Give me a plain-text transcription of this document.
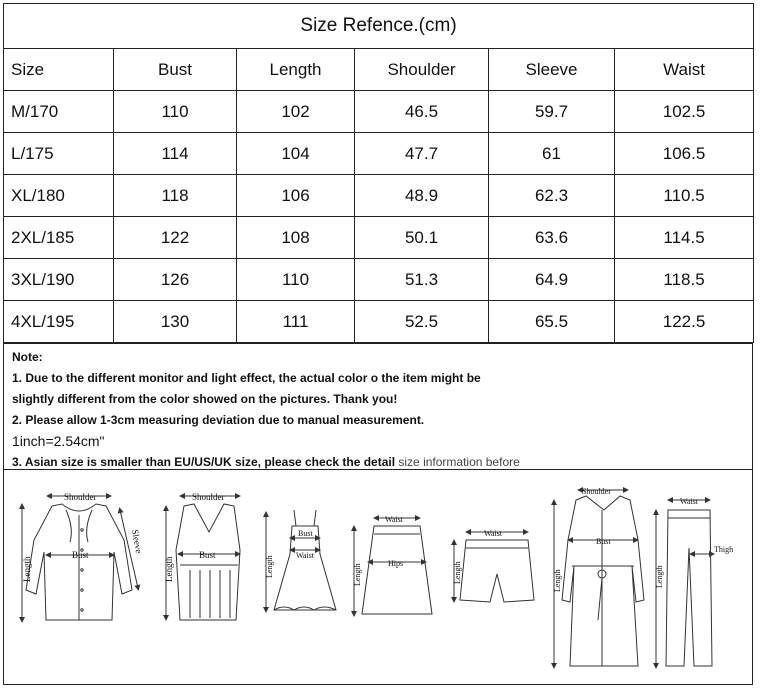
Size Refence.(cm)					
Size	Bust	Length	Shoulder	Sleeve	Waist
M/170	110	102	46.5	59.7	102.5
L/175	114	104	47.7	61	106.5
XL/180	118	106	48.9	62.3	110.5
2XL/185	122	108	50.1	63.6	114.5
3XL/190	126	110	51.3	64.9	118.5
4XL/195	130	111	52.5	65.5	122.5
Note:
1. Due to the different monitor and light effect, the actual color o the item might be
slightly different from the color showed on the pictures. Thank you!
2. Please allow 1-3cm measuring deviation due to manual measurement.
1inch=2.54cm"
3. Asian size is smaller than EU/US/UK size, please check the detail size information before
Shoulder
Bust
Length
Sleeve
Shoulder
Bust
Length
Bust
Waist
Length
Waist
Hips
Length
Waist
Length
Shoulder
Bust
Length
Waist
Thigh
Length
